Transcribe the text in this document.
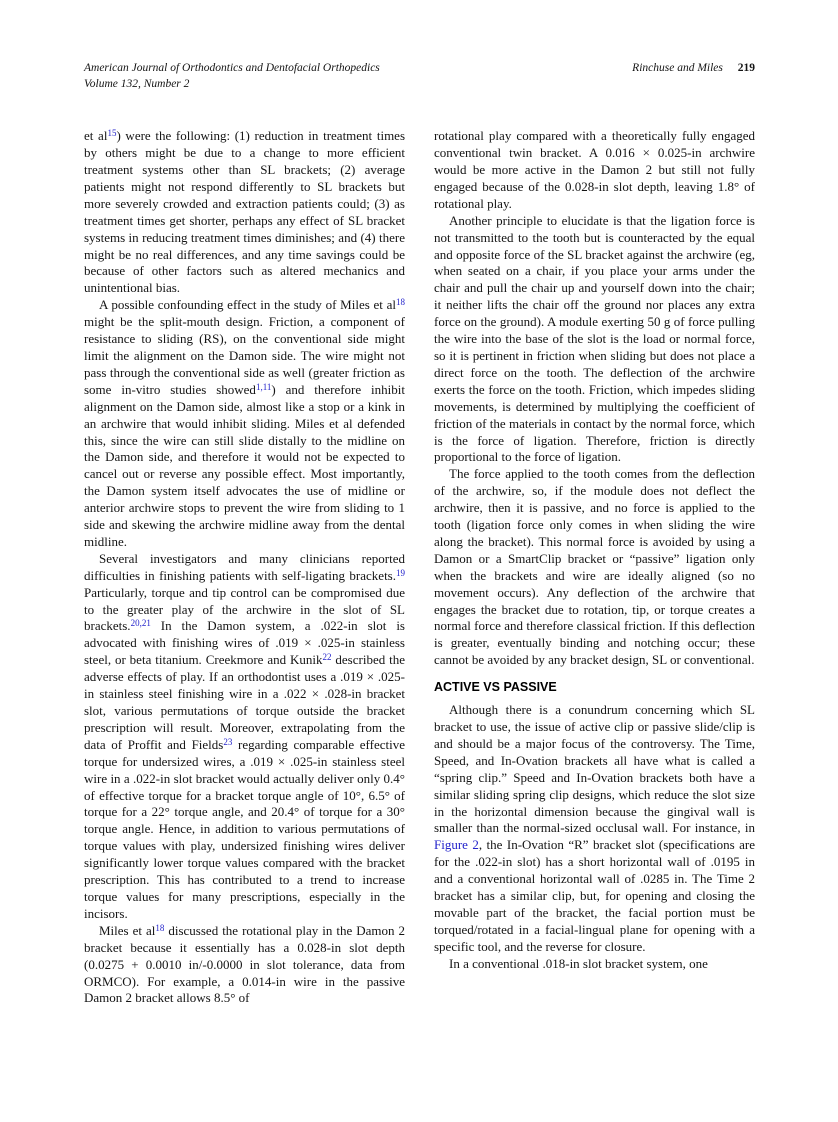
American Journal of Orthodontics and Dentofacial Orthopedics
Volume 132, Number 2
Rinchuse and Miles 219

et al$^{15}$) were the following: (1) reduction in treatment times by others might be due to a change to more efficient treatment systems other than SL brackets; (2) average patients might not respond differently to SL brackets but more severely crowded and extraction patients could; (3) as treatment times get shorter, perhaps any effect of SL bracket systems in reducing treatment times diminishes; and (4) there might be no real differences, and any time savings could be because of other factors such as altered mechanics and unintentional bias.

A possible confounding effect in the study of Miles et al$^{18}$ might be the split-mouth design. Friction, a component of resistance to sliding (RS), on the conventional side might limit the alignment on the Damon side. The wire might not pass through the conventional side as well (greater friction as some in-vitro studies showed$^{1,11}$) and therefore inhibit alignment on the Damon side, almost like a stop or a kink in an archwire that would inhibit sliding. Miles et al defended this, since the wire can still slide distally to the midline on the Damon side, and therefore it would not be expected to cancel out or reverse any possible effect. Most importantly, the Damon system itself advocates the use of midline or anterior archwire stops to prevent the wire from sliding to 1 side and skewing the archwire midline away from the dental midline.

Several investigators and many clinicians reported difficulties in finishing patients with self-ligating brackets.$^{19}$ Particularly, torque and tip control can be compromised due to the greater play of the archwire in the slot of SL brackets.$^{20,21}$ In the Damon system, a .022-in slot is advocated with finishing wires of .019 × .025-in stainless steel, or beta titanium. Creekmore and Kunik$^{22}$ described the adverse effects of play. If an orthodontist uses a .019 × .025-in stainless steel finishing wire in a .022 × .028-in bracket slot, various permutations of torque outside the bracket prescription will result. Moreover, extrapolating from the data of Proffit and Fields$^{23}$ regarding comparable effective torque for undersized wires, a .019 × .025-in stainless steel wire in a .022-in slot bracket would actually deliver only 0.4° of effective torque for a bracket torque angle of 10°, 6.5° of torque for a 22° torque angle, and 20.4° of torque for a 30° torque angle. Hence, in addition to various permutations of torque values with play, undersized finishing wires deliver significantly lower torque values compared with the bracket prescription. This has contributed to a trend to increase torque values for many prescriptions, especially in the incisors.

Miles et al$^{18}$ discussed the rotational play in the Damon 2 bracket because it essentially has a 0.028-in slot depth (0.0275 + 0.0010 in/-0.0000 in slot tolerance, data from ORMCO). For example, a 0.014-in wire in the passive Damon 2 bracket allows 8.5° of

rotational play compared with a theoretically fully engaged conventional twin bracket. A 0.016 × 0.025-in archwire would be more active in the Damon 2 but still not fully engaged because of the 0.028-in slot depth, leaving 1.8° of rotational play.

Another principle to elucidate is that the ligation force is not transmitted to the tooth but is counteracted by the equal and opposite force of the SL bracket against the archwire (eg, when seated on a chair, if you place your arms under the chair and pull the chair up and yourself down into the chair; it neither lifts the chair off the ground nor places any extra force on the ground). A module exerting 50 g of force pulling the wire into the base of the slot is the load or normal force, so it is pertinent in friction when sliding but does not place a direct force on the tooth. The deflection of the archwire exerts the force on the tooth. Friction, which impedes sliding movements, is determined by multiplying the coefficient of friction of the materials in contact by the normal force, which is the force of ligation. Therefore, friction is directly proportional to the force of ligation.

The force applied to the tooth comes from the deflection of the archwire, so, if the module does not deflect the archwire, then it is passive, and no force is applied to the tooth (ligation force only comes in when sliding the wire along the bracket). This normal force is avoided by using a Damon or a SmartClip bracket or “passive” ligation only when the brackets and wire are ideally aligned (so no movement occurs). Any deflection of the archwire that engages the bracket due to rotation, tip, or torque creates a normal force and therefore classical friction. If this deflection is greater, eventually binding and notching occur; these cannot be avoided by any bracket design, SL or conventional.

ACTIVE VS PASSIVE

Although there is a conundrum concerning which SL bracket to use, the issue of active clip or passive slide/clip is and should be a major focus of the controversy. The Time, Speed, and In-Ovation brackets all have what is called a “spring clip.” Speed and In-Ovation brackets both have a similar sliding spring clip designs, which reduce the slot size in the horizontal dimension because the gingival wall is smaller than the normal-sized occlusal wall. For instance, in Figure 2, the In-Ovation “R” bracket slot (specifications are for the .022-in slot) has a short horizontal wall of .0195 in and a conventional horizontal wall of .0285 in. The Time 2 bracket has a similar clip, but, for opening and closing the movable part of the bracket, the facial portion must be torqued/rotated in a facial-lingual plane for opening with a specific tool, and the reverse for closure.

In a conventional .018-in slot bracket system, one
